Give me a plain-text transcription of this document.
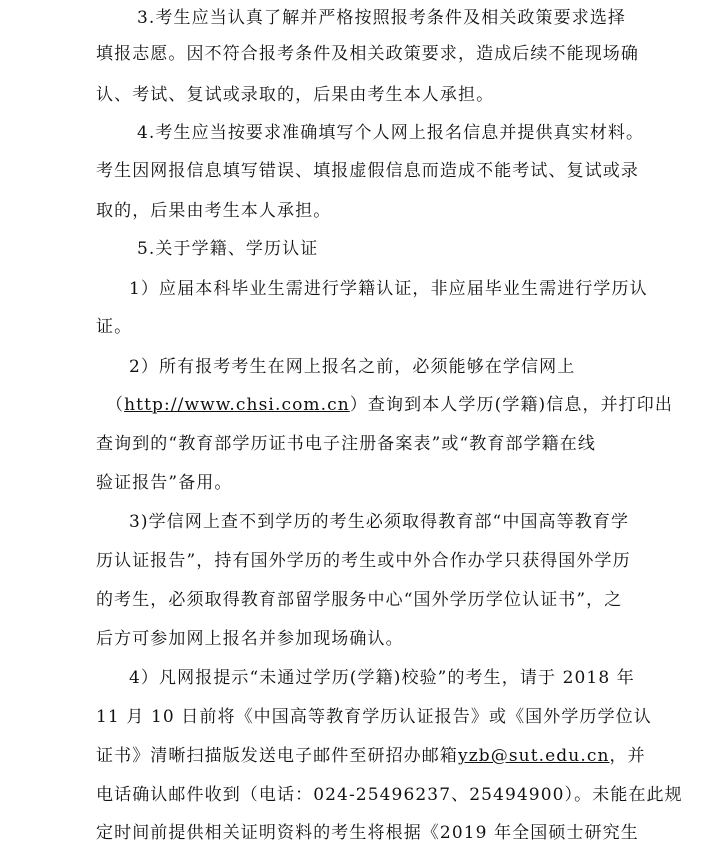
3.考生应当认真了解并严格按照报考条件及相关政策要求选择
填报志愿。因不符合报考条件及相关政策要求，造成后续不能现场确
认、考试、复试或录取的，后果由考生本人承担。
4.考生应当按要求准确填写个人网上报名信息并提供真实材料。
考生因网报信息填写错误、填报虚假信息而造成不能考试、复试或录
取的，后果由考生本人承担。
5.关于学籍、学历认证
1）应届本科毕业生需进行学籍认证，非应届毕业生需进行学历认
证。
2）所有报考考生在网上报名之前，必须能够在学信网上
（http://www.chsi.com.cn）查询到本人学历(学籍)信息，并打印出
查询到的“教育部学历证书电子注册备案表”或“教育部学籍在线
验证报告”备用。
3)学信网上查不到学历的考生必须取得教育部“中国高等教育学
历认证报告”，持有国外学历的考生或中外合作办学只获得国外学历
的考生，必须取得教育部留学服务中心“国外学历学位认证书”，之
后方可参加网上报名并参加现场确认。
4）凡网报提示“未通过学历(学籍)校验”的考生，请于 2018 年
11 月 10 日前将《中国高等教育学历认证报告》或《国外学历学位认
证书》清晰扫描版发送电子邮件至研招办邮箱yzb@sut.edu.cn，并
电话确认邮件收到（电话：024-25496237、25494900）。未能在此规
定时间前提供相关证明资料的考生将根据《2019 年全国硕士研究生
